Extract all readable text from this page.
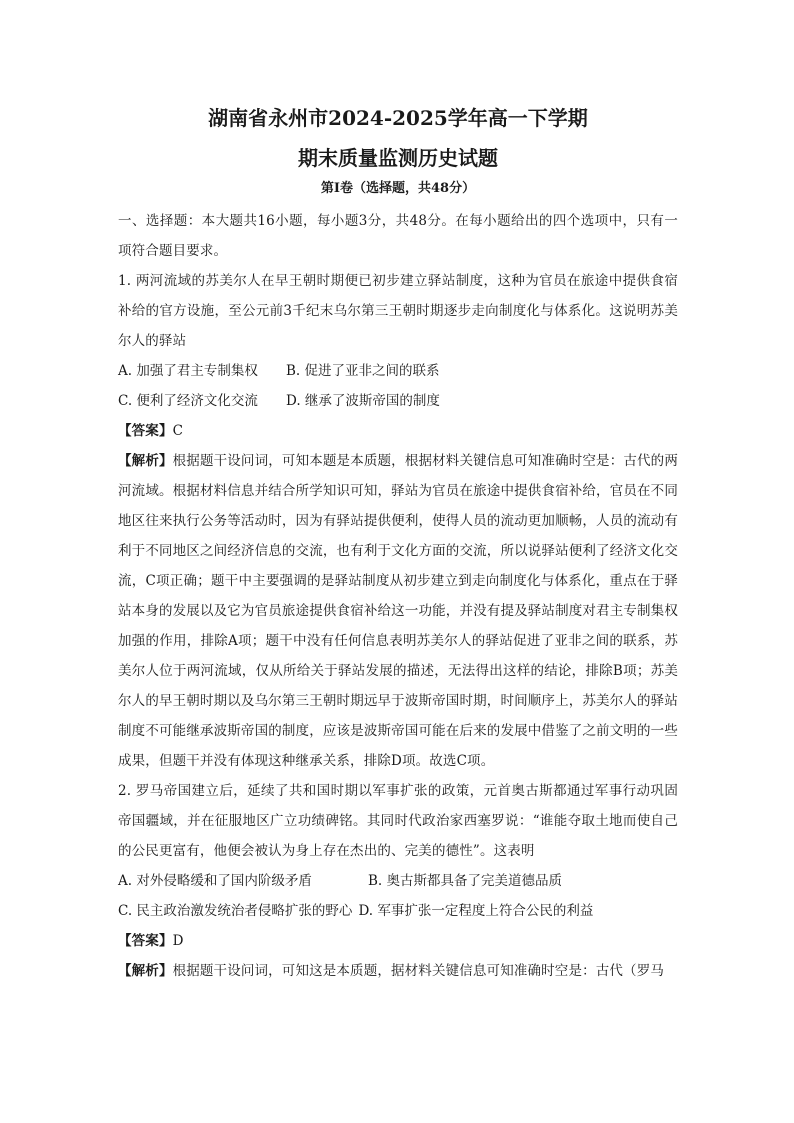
湖南省永州市2024-2025学年高一下学期
期末质量监测历史试题
第I卷（选择题，共48分）

一、选择题：本大题共16小题，每小题3分，共48分。在每小题给出的四个选项中，只有一项符合题目要求。

1. 两河流域的苏美尔人在早王朝时期便已初步建立驿站制度，这种为官员在旅途中提供食宿补给的官方设施，至公元前3千纪末乌尔第三王朝时期逐步走向制度化与体系化。这说明苏美尔人的驿站

A. 加强了君主专制集权	B. 促进了亚非之间的联系
C. 便利了经济文化交流	D. 继承了波斯帝国的制度

【答案】C

【解析】根据题干设问词，可知本题是本质题，根据材料关键信息可知准确时空是：古代的两河流域。根据材料信息并结合所学知识可知，驿站为官员在旅途中提供食宿补给，官员在不同地区往来执行公务等活动时，因为有驿站提供便利，使得人员的流动更加顺畅，人员的流动有利于不同地区之间经济信息的交流，也有利于文化方面的交流，所以说驿站便利了经济文化交流，C项正确；题干中主要强调的是驿站制度从初步建立到走向制度化与体系化，重点在于驿站本身的发展以及它为官员旅途提供食宿补给这一功能，并没有提及驿站制度对君主专制集权加强的作用，排除A项；题干中没有任何信息表明苏美尔人的驿站促进了亚非之间的联系，苏美尔人位于两河流域，仅从所给关于驿站发展的描述，无法得出这样的结论，排除B项；苏美尔人的早王朝时期以及乌尔第三王朝时期远早于波斯帝国时期，时间顺序上，苏美尔人的驿站制度不可能继承波斯帝国的制度，应该是波斯帝国可能在后来的发展中借鉴了之前文明的一些成果，但题干并没有体现这种继承关系，排除D项。故选C项。

2. 罗马帝国建立后，延续了共和国时期以军事扩张的政策，元首奥古斯都通过军事行动巩固帝国疆域，并在征服地区广立功绩碑铭。其同时代政治家西塞罗说：“谁能夺取土地而使自己的公民更富有，他便会被认为身上存在杰出的、完美的德性”。这表明

A. 对外侵略缓和了国内阶级矛盾	B. 奥古斯都具备了完美道德品质
C. 民主政治激发统治者侵略扩张的野心 D. 军事扩张一定程度上符合公民的利益

【答案】D

【解析】根据题干设问词，可知这是本质题，据材料关键信息可知准确时空是：古代（罗马
